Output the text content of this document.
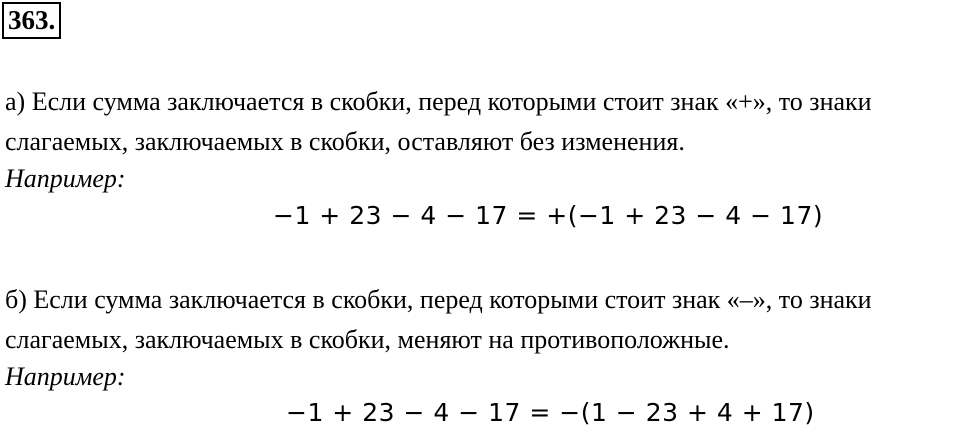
363.
а) Если сумма заключается в скобки, перед которыми стоит знак «+», то знаки
слагаемых, заключаемых в скобки, оставляют без изменения.
Например:
−1 + 23 − 4 − 17 = +(−1 + 23 − 4 − 17)
б) Если сумма заключается в скобки, перед которыми стоит знак «–», то знаки
слагаемых, заключаемых в скобки, меняют на противоположные.
Например:
−1 + 23 − 4 − 17 = −(1 − 23 + 4 + 17)
